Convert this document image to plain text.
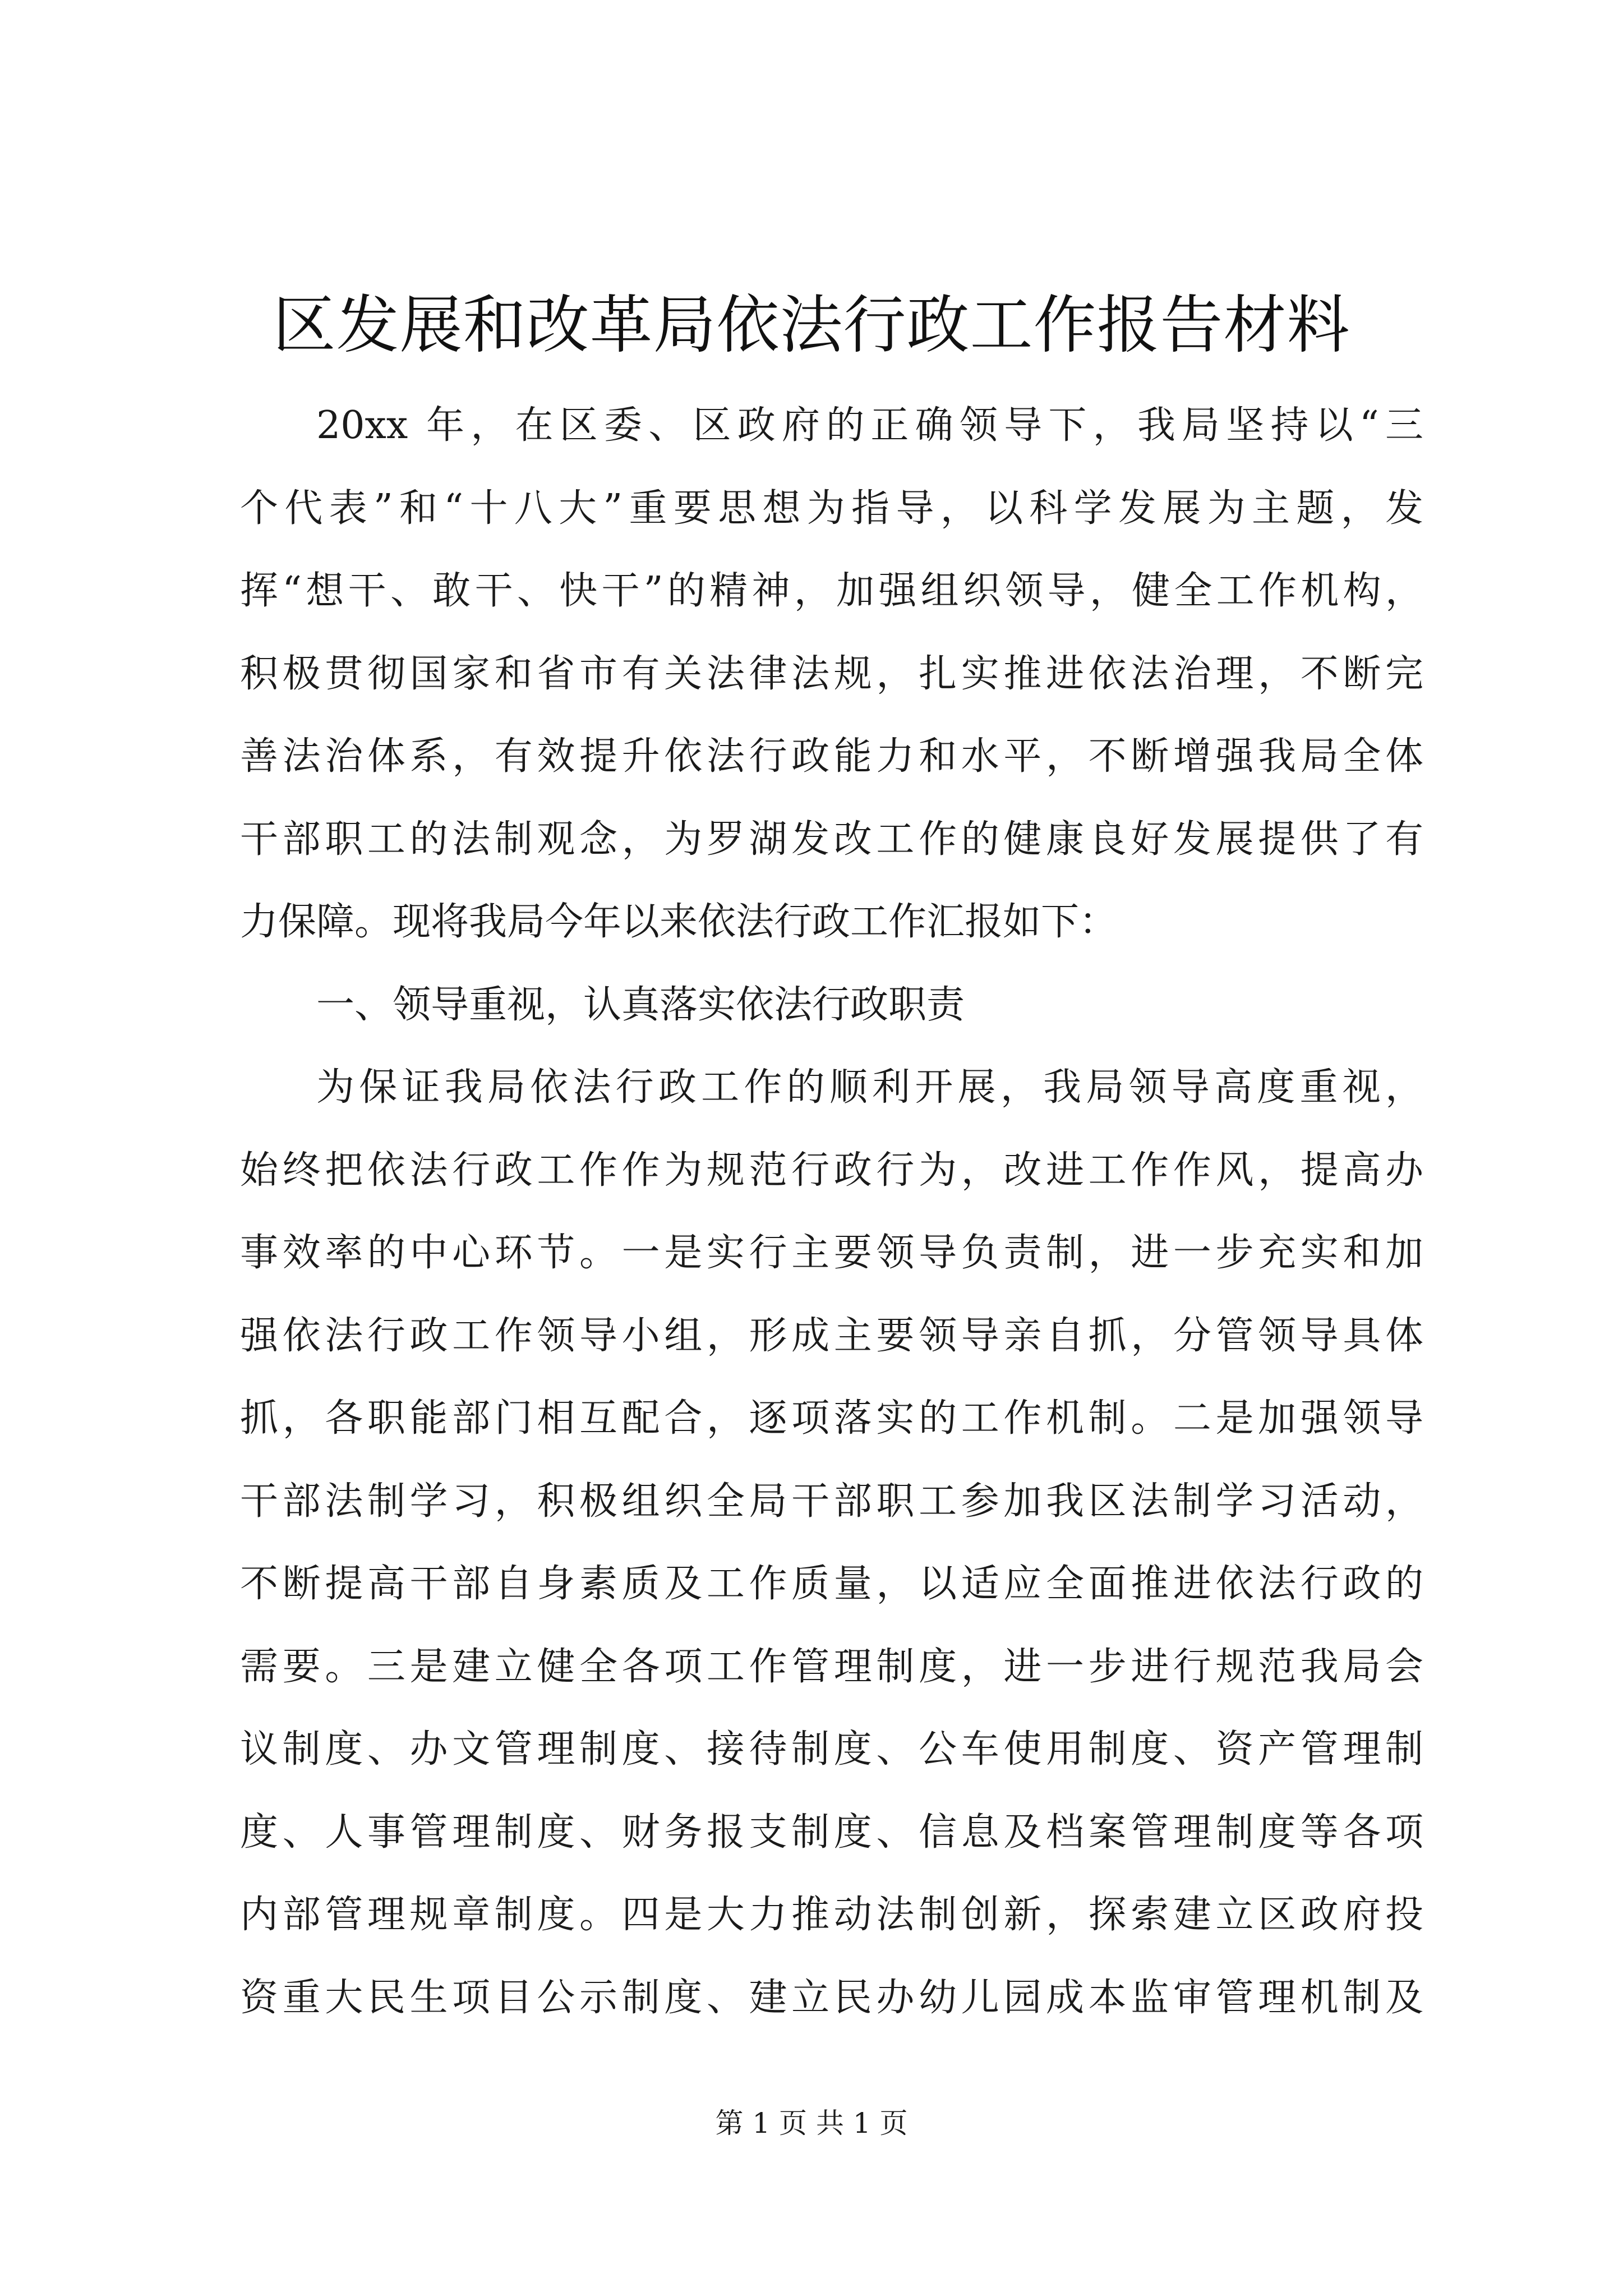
区发展和改革局依法行政工作报告材料
20xx 年，在区委、区政府的正确领导下，我局坚持以“三
个代表”和“十八大”重要思想为指导，以科学发展为主题，发
挥“想干、敢干、快干”的精神，加强组织领导，健全工作机构，
积极贯彻国家和省市有关法律法规，扎实推进依法治理，不断完
善法治体系，有效提升依法行政能力和水平，不断增强我局全体
干部职工的法制观念，为罗湖发改工作的健康良好发展提供了有
力保障。现将我局今年以来依法行政工作汇报如下：
一、领导重视，认真落实依法行政职责
为保证我局依法行政工作的顺利开展，我局领导高度重视，
始终把依法行政工作作为规范行政行为，改进工作作风，提高办
事效率的中心环节。一是实行主要领导负责制，进一步充实和加
强依法行政工作领导小组，形成主要领导亲自抓，分管领导具体
抓，各职能部门相互配合，逐项落实的工作机制。二是加强领导
干部法制学习，积极组织全局干部职工参加我区法制学习活动，
不断提高干部自身素质及工作质量，以适应全面推进依法行政的
需要。三是建立健全各项工作管理制度，进一步进行规范我局会
议制度、办文管理制度、接待制度、公车使用制度、资产管理制
度、人事管理制度、财务报支制度、信息及档案管理制度等各项
内部管理规章制度。四是大力推动法制创新，探索建立区政府投
资重大民生项目公示制度、建立民办幼儿园成本监审管理机制及
第 1 页 共 1 页
